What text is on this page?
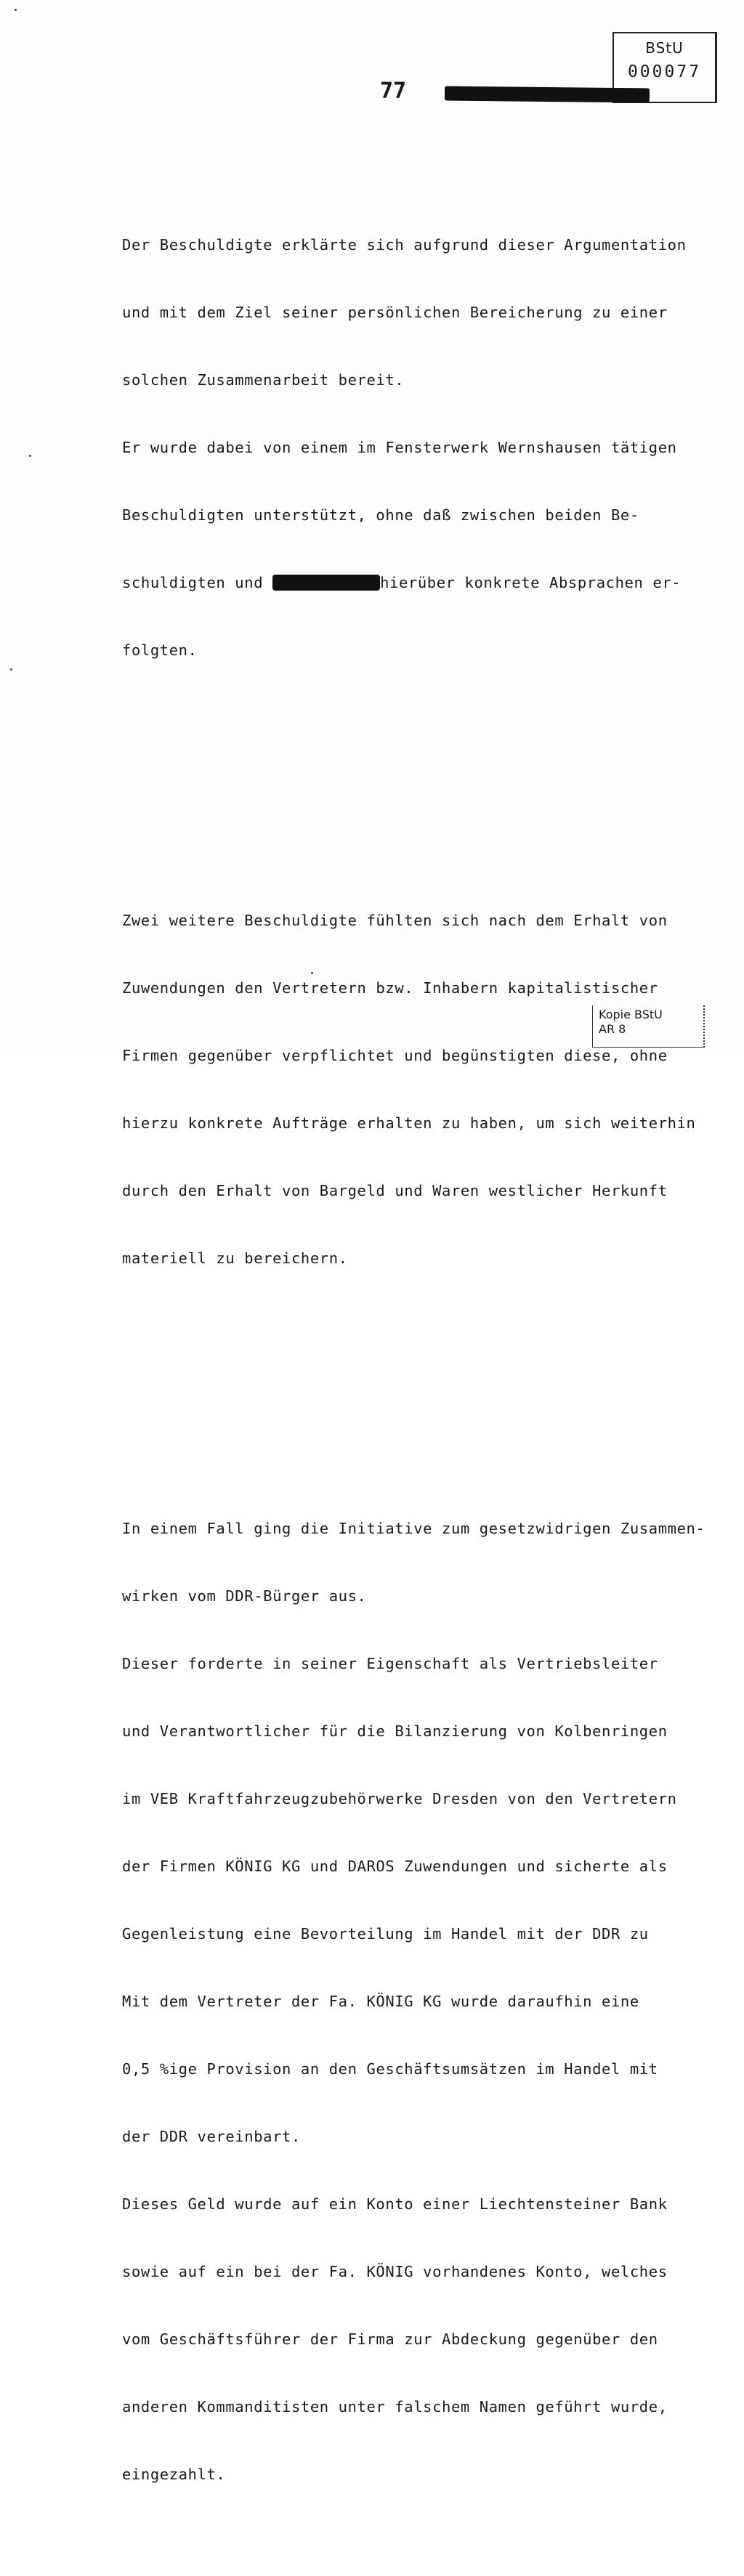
BStU
000077
77

Der Beschuldigte erklärte sich aufgrund dieser Argumentation

und mit dem Ziel seiner persönlichen Bereicherung zu einer

solchen Zusammenarbeit bereit.

Er wurde dabei von einem im Fensterwerk Wernshausen tätigen

Beschuldigten unterstützt, ohne daß zwischen beiden Be-

schuldigten und	hierüber konkrete Absprachen er-

folgten.

Zwei weitere Beschuldigte fühlten sich nach dem Erhalt von

Zuwendungen den Vertretern bzw. Inhabern kapitalistischer

Firmen gegenüber verpflichtet und begünstigten diese, ohne

hierzu konkrete Aufträge erhalten zu haben, um sich weiterhin

durch den Erhalt von Bargeld und Waren westlicher Herkunft

materiell zu bereichern.

In einem Fall ging die Initiative zum gesetzwidrigen Zusammen-

wirken vom DDR-Bürger aus.

Dieser forderte in seiner Eigenschaft als Vertriebsleiter

und Verantwortlicher für die Bilanzierung von Kolbenringen

im VEB Kraftfahrzeugzubehörwerke Dresden von den Vertretern

der Firmen KÖNIG KG und DAROS Zuwendungen und sicherte als

Gegenleistung eine Bevorteilung im Handel mit der DDR zu

Mit dem Vertreter der Fa. KÖNIG KG wurde daraufhin eine

0,5 %ige Provision an den Geschäftsumsätzen im Handel mit

der DDR vereinbart.

Dieses Geld wurde auf ein Konto einer Liechtensteiner Bank

sowie auf ein bei der Fa. KÖNIG vorhandenes Konto, welches

vom Geschäftsführer der Firma zur Abdeckung gegenüber den

anderen Kommanditisten unter falschem Namen geführt wurde,

eingezahlt.

Kopie BStU
AR 8
